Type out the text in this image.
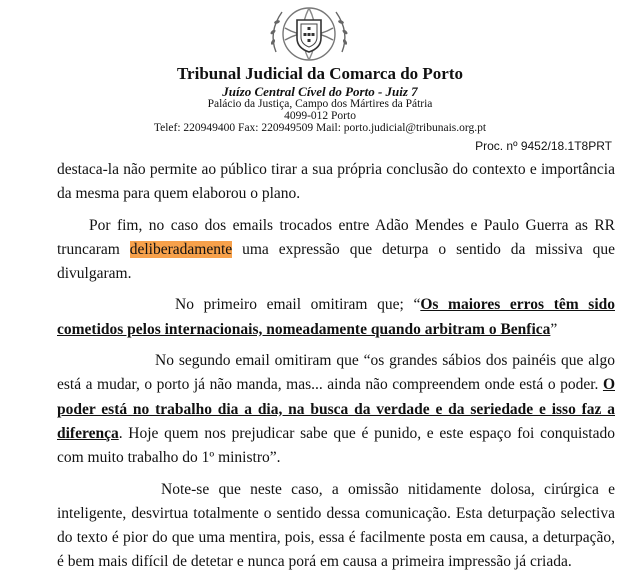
Tribunal Judicial da Comarca do Porto
Juízo Central Cível do Porto - Juiz 7
Palácio da Justiça, Campo dos Mártires da Pátria
4099-012 Porto
Telef: 220949400 Fax: 220949509 Mail: porto.judicial@tribunais.org.pt
Proc. nº 9452/18.1T8PRT

destaca-la não permite ao público tirar a sua própria conclusão do contexto e importância da mesma para quem elaborou o plano.

Por fim, no caso dos emails trocados entre Adão Mendes e Paulo Guerra as RR truncaram deliberadamente uma expressão que deturpa o sentido da missiva que divulgaram.

No primeiro email omitiram que; “Os maiores erros têm sido cometidos pelos internacionais, nomeadamente quando arbitram o Benfica”

No segundo email omitiram que “os grandes sábios dos painéis que algo está a mudar, o porto já não manda, mas... ainda não compreendem onde está o poder. O poder está no trabalho dia a dia, na busca da verdade e da seriedade e isso faz a diferença. Hoje quem nos prejudicar sabe que é punido, e este espaço foi conquistado com muito trabalho do 1º ministro”.

Note-se que neste caso, a omissão nitidamente dolosa, cirúrgica e inteligente, desvirtua totalmente o sentido dessa comunicação. Esta deturpação selectiva do texto é pior do que uma mentira, pois, essa é facilmente posta em causa, a deturpação, é bem mais difícil de detetar e nunca porá em causa a primeira impressão já criada.
